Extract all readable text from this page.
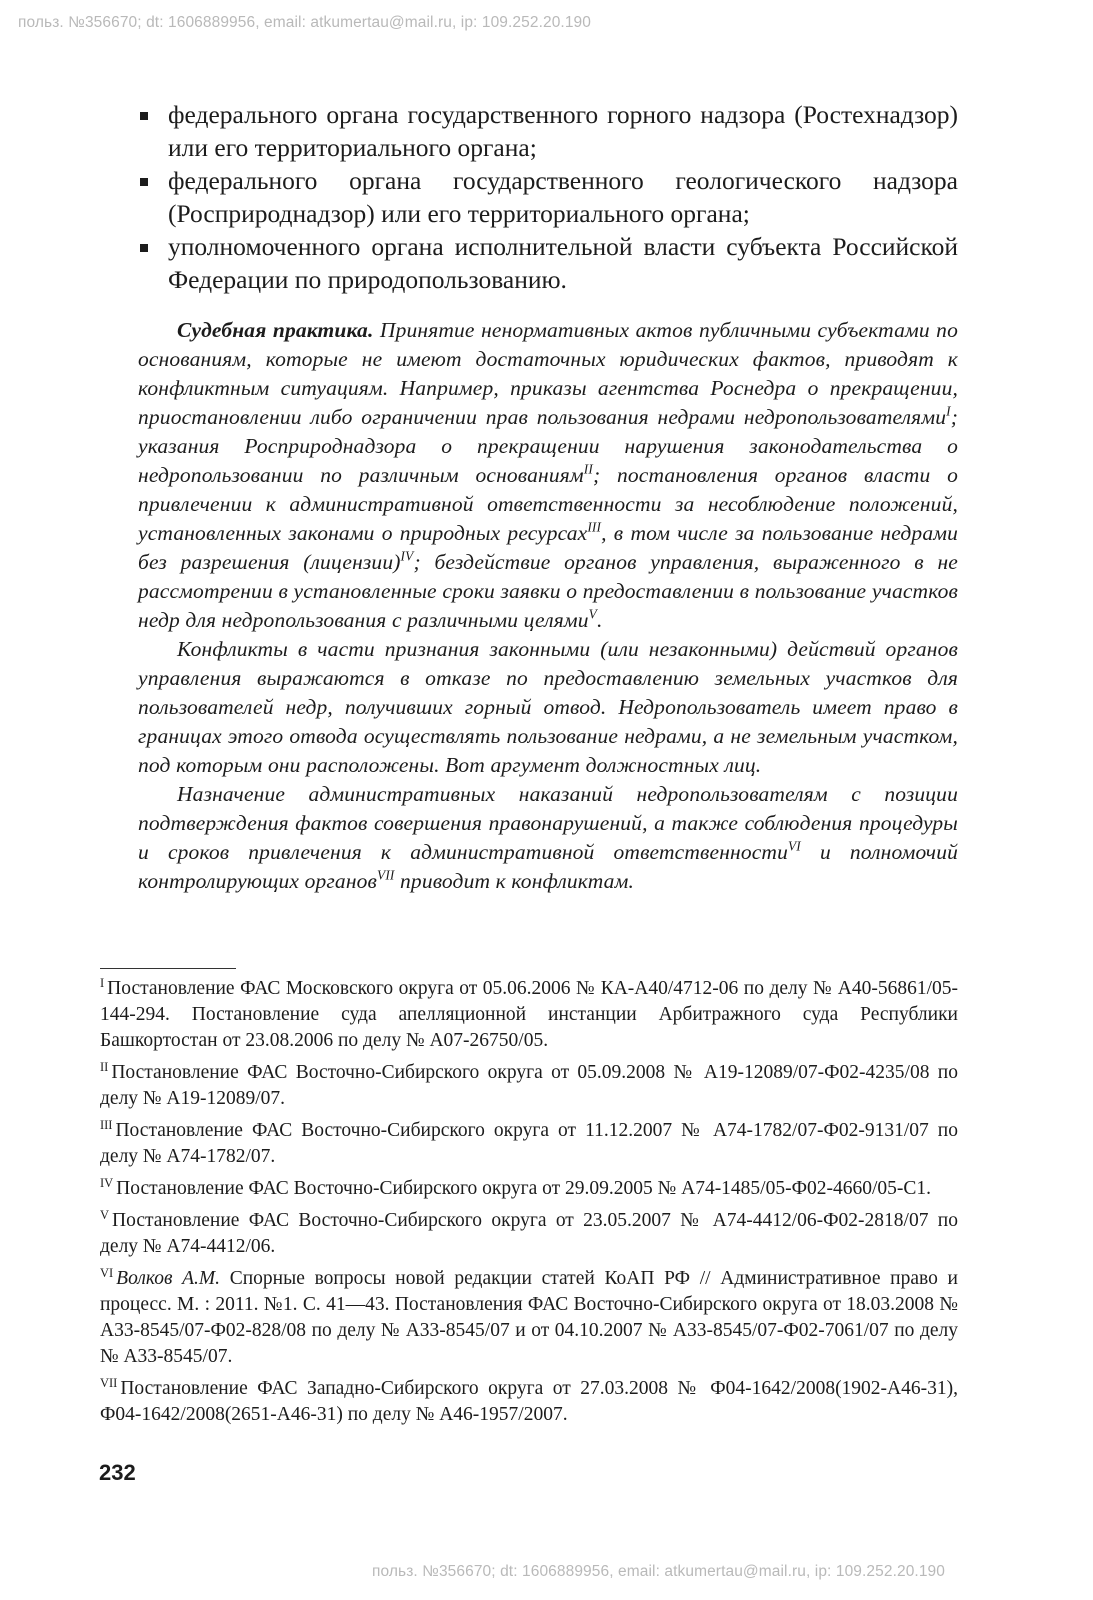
польз. №356670; dt: 1606889956, email: atkumertau@mail.ru, ip: 109.252.20.190
федерального органа государственного горного надзора (Ростехнадзор) или его территориального органа;
федерального органа государственного геологического надзора (Росприроднадзор) или его территориального органа;
уполномоченного органа исполнительной власти субъекта Российской Федерации по природопользованию.

Судебная практика. Принятие ненормативных актов публичными субъектами по основаниям, которые не имеют достаточных юридических фактов, приводят к конфликтным ситуациям. Например, приказы агентства Роснедра о прекращении, приостановлении либо ограничении прав пользования недрами недропользователями$^I$; указания Росприроднадзора о прекращении нарушения законодательства о недропользовании по различным основаниям$^{II}$; постановления органов власти о привлечении к административной ответственности за несоблюдение положений, установленных законами о природных ресурсах$^{III}$, в том числе за пользование недрами без разрешения (лицензии)$^{IV}$; бездействие органов управления, выраженного в не рассмотрении в установленные сроки заявки о предоставлении в пользование участков недр для недропользования с различными целями$^V$.

Конфликты в части признания законными (или незаконными) действий органов управления выражаются в отказе по предоставлению земельных участков для пользователей недр, получивших горный отвод. Недропользователь имеет право в границах этого отвода осуществлять пользование недрами, а не земельным участком, под которым они расположены. Вот аргумент должностных лиц.

Назначение административных наказаний недропользователям с позиции подтверждения фактов совершения правонарушений, а также соблюдения процедуры и сроков привлечения к административной ответственности$^{VI}$ и полномочий контролирующих органов$^{VII}$ приводит к конфликтам.

$^I$ Постановление ФАС Московского округа от 05.06.2006 № КА-А40/4712-06 по делу № А40-56861/05-144-294. Постановление суда апелляционной инстанции Арбитражного суда Республики Башкортостан от 23.08.2006 по делу № А07-26750/05.

$^{II}$ Постановление ФАС Восточно-Сибирского округа от 05.09.2008 № А19-12089/07-Ф02-4235/08 по делу № А19-12089/07.

$^{III}$ Постановление ФАС Восточно-Сибирского округа от 11.12.2007 № А74-1782/07-Ф02-9131/07 по делу № А74-1782/07.

$^{IV}$ Постановление ФАС Восточно-Сибирского округа от 29.09.2005 № А74-1485/05-Ф02-4660/05-С1.

$^V$ Постановление ФАС Восточно-Сибирского округа от 23.05.2007 № А74-4412/06-Ф02-2818/07 по делу № А74-4412/06.

$^{VI}$ Волков А.М. Спорные вопросы новой редакции статей КоАП РФ // Административное право и процесс. М. : 2011. №1. С. 41—43. Постановления ФАС Восточно-Сибирского округа от 18.03.2008 № А33-8545/07-Ф02-828/08 по делу № А33-8545/07 и от 04.10.2007 № А33-8545/07-Ф02-7061/07 по делу № А33-8545/07.

$^{VII}$ Постановление ФАС Западно-Сибирского округа от 27.03.2008 № Ф04-1642/2008(1902-А46-31), Ф04-1642/2008(2651-А46-31) по делу № А46-1957/2007.

232
польз. №356670; dt: 1606889956, email: atkumertau@mail.ru, ip: 109.252.20.190
